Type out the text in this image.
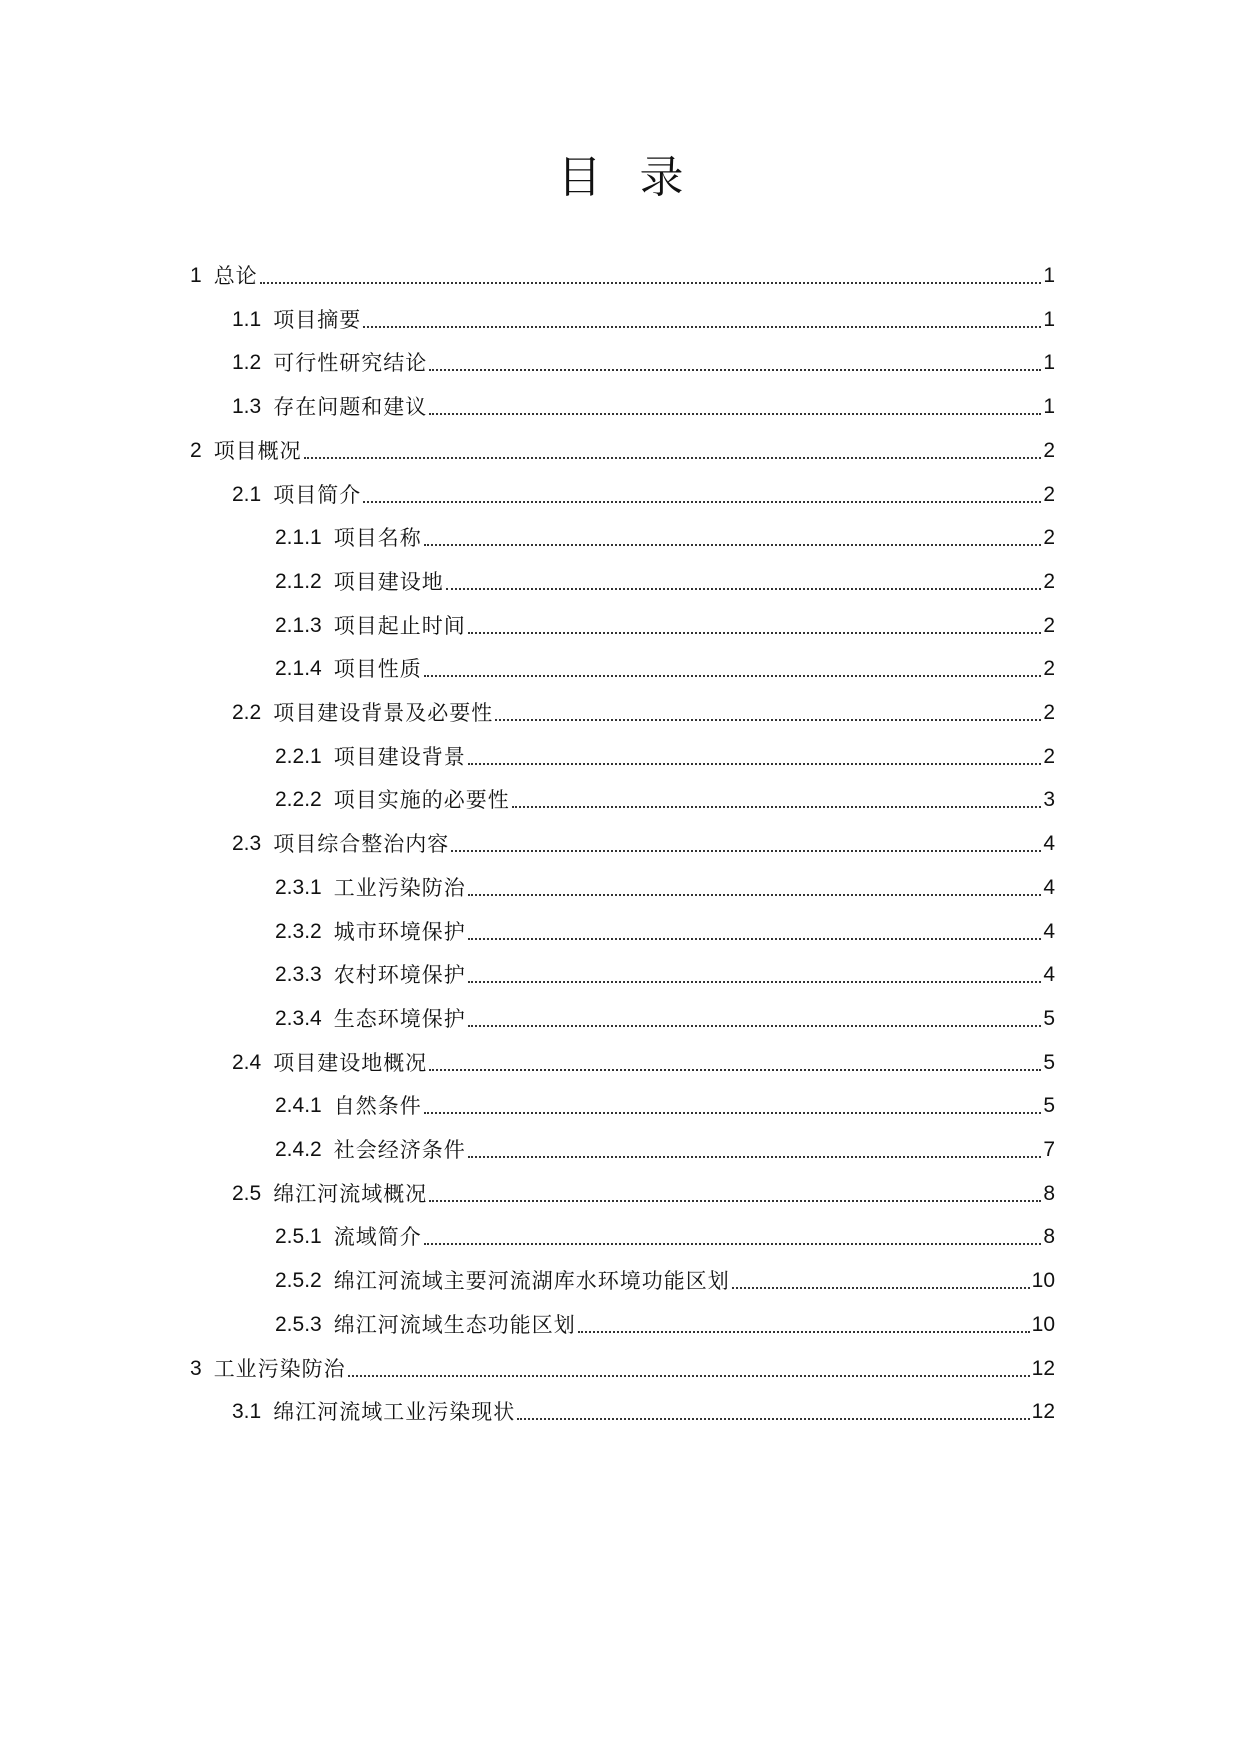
目录
1 总论	1
1.1 项目摘要	1
1.2 可行性研究结论	1
1.3 存在问题和建议	1
2 项目概况	2
2.1 项目简介	2
2.1.1 项目名称	2
2.1.2 项目建设地	2
2.1.3 项目起止时间	2
2.1.4 项目性质	2
2.2 项目建设背景及必要性	2
2.2.1 项目建设背景	2
2.2.2 项目实施的必要性	3
2.3 项目综合整治内容	4
2.3.1 工业污染防治	4
2.3.2 城市环境保护	4
2.3.3 农村环境保护	4
2.3.4 生态环境保护	5
2.4 项目建设地概况	5
2.4.1 自然条件	5
2.4.2 社会经济条件	7
2.5 绵江河流域概况	8
2.5.1 流域简介	8
2.5.2 绵江河流域主要河流湖库水环境功能区划	10
2.5.3 绵江河流域生态功能区划	10
3 工业污染防治	12
3.1 绵江河流域工业污染现状	12
